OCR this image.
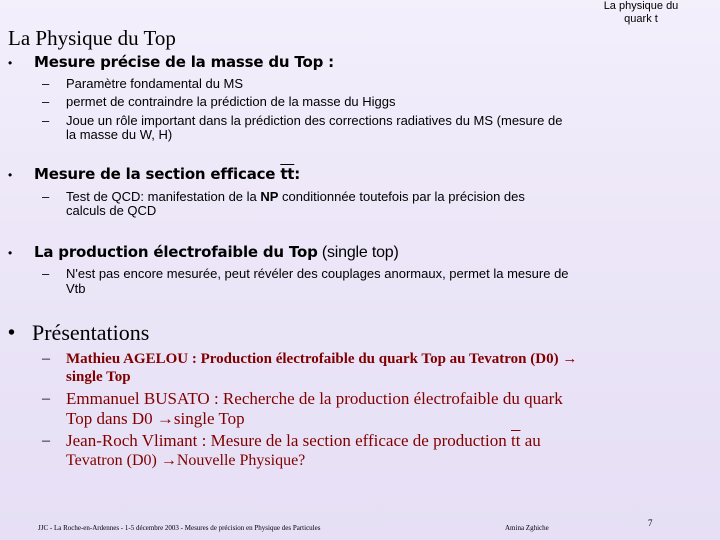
La physique du
quark t
La Physique du Top
• Mesure précise de la masse du Top :
– Paramètre fondamental du MS
– permet de contraindre la prédiction de la masse du Higgs
– Joue un rôle important dans la prédiction des corrections radiatives du MS (mesure de
la masse du W, H)
• Mesure de la section efficace $\overline{tt}$:
– Test de QCD: manifestation de la NP conditionnée toutefois par la précision des
calculs de QCD
• La production électrofaible du Top (single top)
– N'est pas encore mesurée, peut révéler des couplages anormaux, permet la mesure de
Vtb
• Présentations
– Mathieu AGELOU : Production électrofaible du quark Top au Tevatron (D0) →
single Top
– Emmanuel BUSATO : Recherche de la production électrofaible du quark
Top dans D0 →single Top
– Jean-Roch Vlimant : Mesure de la section efficace de production $\overline{tt}$ au
Tevatron (D0) →Nouvelle Physique?
JJC - La Roche-en-Ardennes - 1-5 décembre 2003 - Mesures de précision en Physique des Particules	Amina Zghiche	7
